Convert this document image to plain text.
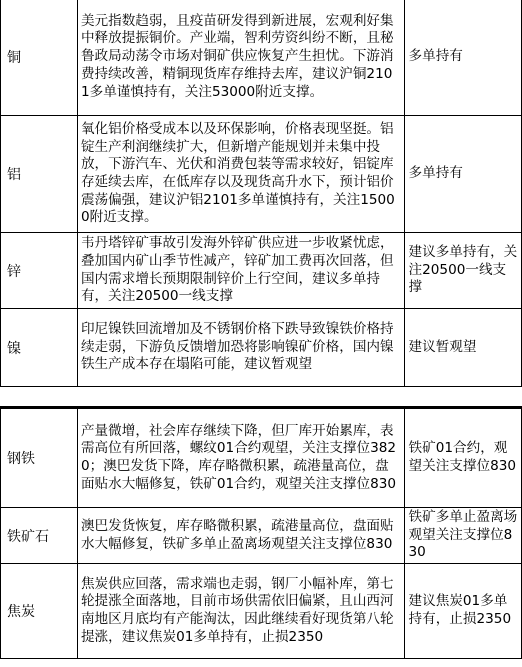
铜	美元指数趋弱，且疫苗研发得到新进展，宏观利好集中释放提振铜价。产业端，智利劳资纠纷不断，且秘鲁政局动荡令市场对铜矿供应恢复产生担忧。下游消费持续改善，精铜现货库存维持去库，建议沪铜2101多单谨慎持有，关注53000附近支撑。	多单持有
铝	氧化铝价格受成本以及环保影响，价格表现坚挺。铝锭生产利润继续扩大，但新增产能规划并未集中投放，下游汽车、光伏和消费包装等需求较好，铝锭库存延续去库，在低库存以及现货高升水下，预计铝价震荡偏强，建议沪铝2101多单谨慎持有，关注15000附近支撑。	多单持有
锌	韦丹塔锌矿事故引发海外锌矿供应进一步收紧忧虑，叠加国内矿山季节性减产，锌矿加工费再次回落，但国内需求增长预期限制锌价上行空间，建议多单持有，关注20500一线支撑	建议多单持有，关注20500一线支撑
镍	印尼镍铁回流增加及不锈钢价格下跌导致镍铁价格持续走弱，下游负反馈增加恐将影响镍矿价格，国内镍铁生产成本存在塌陷可能，建议暂观望	建议暂观望
钢铁	产量微增，社会库存继续下降，但厂库开始累库，表需高位有所回落，螺纹01合约观望，关注支撑位3820；澳巴发货下降，库存略微积累，疏港量高位，盘面贴水大幅修复，铁矿01合约，观望关注支撑位830	铁矿01合约，观望关注支撑位830
铁矿石	澳巴发货恢复，库存略微积累，疏港量高位，盘面贴水大幅修复，铁矿多单止盈离场观望关注支撑位830	铁矿多单止盈离场观望关注支撑位830
焦炭	焦炭供应回落，需求端也走弱，钢厂小幅补库，第七轮提涨全面落地，目前市场供需依旧偏紧，且山西河南地区月底均有产能淘汰，因此继续看好现货第八轮提涨，建议焦炭01多单持有，止损2350	建议焦炭01多单持有，止损2350
